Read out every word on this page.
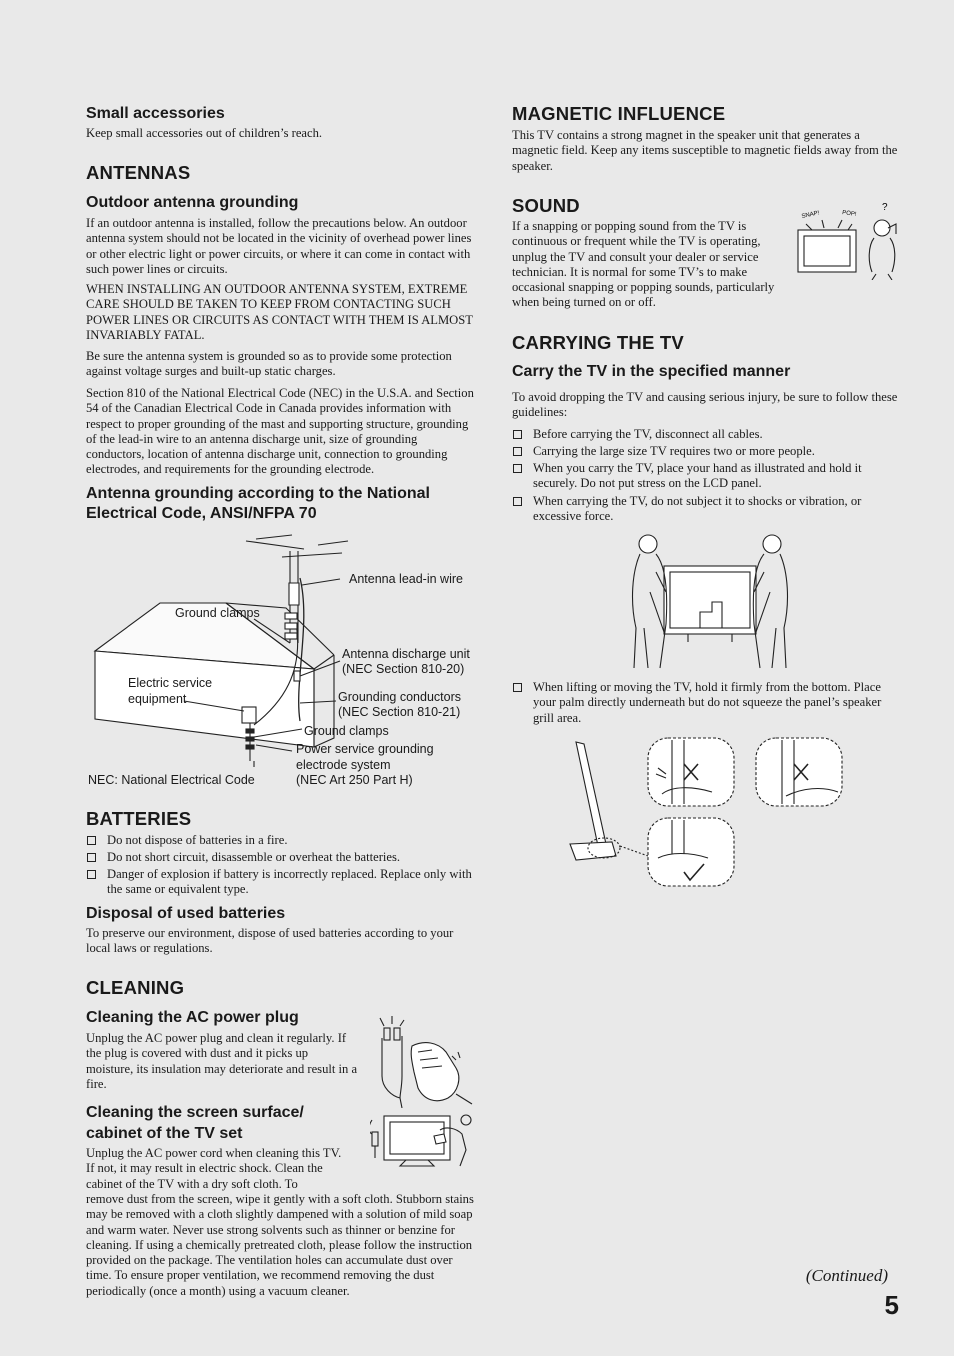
Small accessories
Keep small accessories out of children’s reach.
ANTENNAS
Outdoor antenna grounding
If an outdoor antenna is installed, follow the precautions below. An outdoor antenna system should not be located in the vicinity of overhead power lines or other electric light or power circuits, or where it can come in contact with such power lines or circuits.
WHEN INSTALLING AN OUTDOOR ANTENNA SYSTEM, EXTREME CARE SHOULD BE TAKEN TO KEEP FROM CONTACTING SUCH POWER LINES OR CIRCUITS AS CONTACT WITH THEM IS ALMOST INVARIABLY FATAL.
Be sure the antenna system is grounded so as to provide some protection against voltage surges and built-up static charges.
Section 810 of the National Electrical Code (NEC) in the U.S.A. and Section 54 of the Canadian Electrical Code in Canada provides information with respect to proper grounding of the mast and supporting structure, grounding of the lead-in wire to an antenna discharge unit, size of grounding conductors, location of antenna discharge unit, connection to grounding electrodes, and requirements for the grounding electrode.
Antenna grounding according to the National Electrical Code, ANSI/NFPA 70
Antenna lead-in wire
Ground clamps
Antenna discharge unit
(NEC Section 810-20)
Electric service
equipment	Grounding conductors
(NEC Section 810-21)
Ground clamps
Power service grounding
electrode system
(NEC Art 250 Part H)
NEC: National Electrical Code
BATTERIES
Do not dispose of batteries in a fire.
Do not short circuit, disassemble or overheat the batteries.
Danger of explosion if battery is incorrectly replaced. Replace only with the same or equivalent type.
Disposal of used batteries
To preserve our environment, dispose of used batteries according to your local laws or regulations.
CLEANING
Cleaning the AC power plug
Unplug the AC power plug and clean it regularly. If the plug is covered with dust and it picks up moisture, its insulation may deteriorate and result in a fire.
Cleaning the screen surface/
cabinet of the TV set
Unplug the AC power cord when cleaning this TV. If not, it may result in electric shock. Clean the cabinet of the TV with a dry soft cloth. To
remove dust from the screen, wipe it gently with a soft cloth. Stubborn stains may be removed with a cloth slightly dampened with a solution of mild soap and warm water. Never use strong solvents such as thinner or benzine for cleaning. If using a chemically pretreated cloth, please follow the instruction provided on the package. The ventilation holes can accumulate dust over time. To ensure proper ventilation, we recommend removing the dust periodically (once a month) using a vacuum cleaner.
MAGNETIC INFLUENCE
This TV contains a strong magnet in the speaker unit that generates a magnetic field. Keep any items susceptible to magnetic fields away from the speaker.
SOUND
If a snapping or popping sound from the TV is continuous or frequent while the TV is operating, unplug the TV and consult your dealer or service technician. It is normal for some TV’s to make occasional snapping or popping sounds, particularly when being turned on or off.
SNAP!	POP!
?
CARRYING THE TV
Carry the TV in the specified manner
To avoid dropping the TV and causing serious injury, be sure to follow these guidelines:
Before carrying the TV, disconnect all cables.
Carrying the large size TV requires two or more people.
When you carry the TV, place your hand as illustrated and hold it securely. Do not put stress on the LCD panel.
When carrying the TV, do not subject it to shocks or vibration, or excessive force.
When lifting or moving the TV, hold it firmly from the bottom. Place your palm directly underneath but do not squeeze the panel’s speaker grill area.
(Continued)
5
